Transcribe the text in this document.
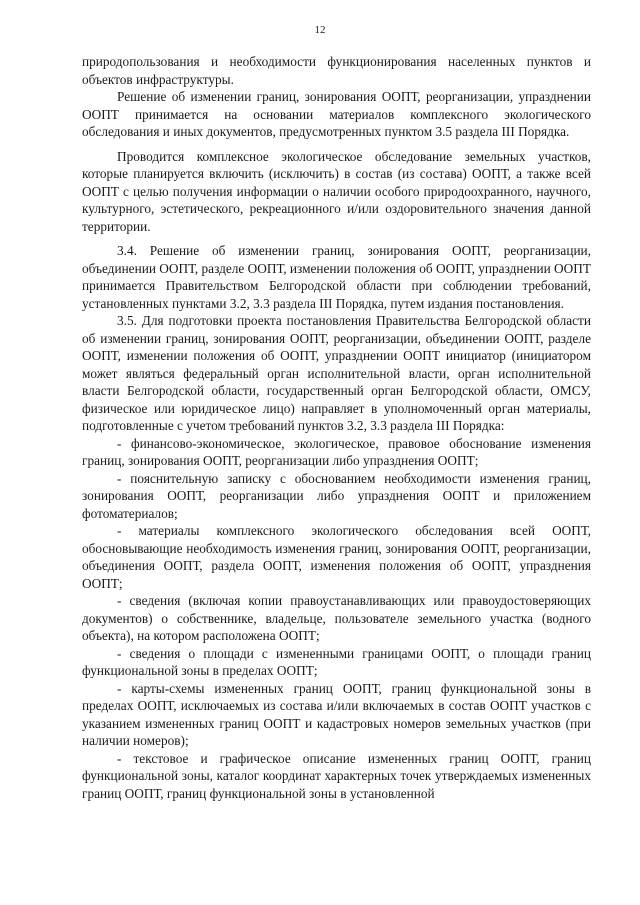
12

природопользования и необходимости функционирования населенных пунктов и объектов инфраструктуры.

Решение об изменении границ, зонирования ООПТ, реорганизации, упразднении ООПТ принимается на основании материалов комплексного экологического обследования и иных документов, предусмотренных пунктом 3.5 раздела III Порядка.

Проводится комплексное экологическое обследование земельных участков, которые планируется включить (исключить) в состав (из состава) ООПТ, а также всей ООПТ с целью получения информации о наличии особого природоохранного, научного, культурного, эстетического, рекреационного и/или оздоровительного значения данной территории.

3.4. Решение об изменении границ, зонирования ООПТ, реорганизации, объединении ООПТ, разделе ООПТ, изменении положения об ООПТ, упразднении ООПТ принимается Правительством Белгородской области при соблюдении требований, установленных пунктами 3.2, 3.3 раздела III Порядка, путем издания постановления.

3.5. Для подготовки проекта постановления Правительства Белгородской области об изменении границ, зонирования ООПТ, реорганизации, объединении ООПТ, разделе ООПТ, изменении положения об ООПТ, упразднении ООПТ инициатор (инициатором может являться федеральный орган исполнительной власти, орган исполнительной власти Белгородской области, государственный орган Белгородской области, ОМСУ, физическое или юридическое лицо) направляет в уполномоченный орган материалы, подготовленные с учетом требований пунктов 3.2, 3.3 раздела III Порядка:

- финансово-экономическое, экологическое, правовое обоснование изменения границ, зонирования ООПТ, реорганизации либо упразднения ООПТ;

- пояснительную записку с обоснованием необходимости изменения границ, зонирования ООПТ, реорганизации либо упразднения ООПТ и приложением фотоматериалов;

- материалы комплексного экологического обследования всей ООПТ, обосновывающие необходимость изменения границ, зонирования ООПТ, реорганизации, объединения ООПТ, раздела ООПТ, изменения положения об ООПТ, упразднения ООПТ;

- сведения (включая копии правоустанавливающих или правоудостоверяющих документов) о собственнике, владельце, пользователе земельного участка (водного объекта), на котором расположена ООПТ;

- сведения о площади с измененными границами ООПТ, о площади границ функциональной зоны в пределах ООПТ;

- карты-схемы измененных границ ООПТ, границ функциональной зоны в пределах ООПТ, исключаемых из состава и/или включаемых в состав ООПТ участков с указанием измененных границ ООПТ и кадастровых номеров земельных участков (при наличии номеров);

- текстовое и графическое описание измененных границ ООПТ, границ функциональной зоны, каталог координат характерных точек утверждаемых измененных границ ООПТ, границ функциональной зоны в установленной
